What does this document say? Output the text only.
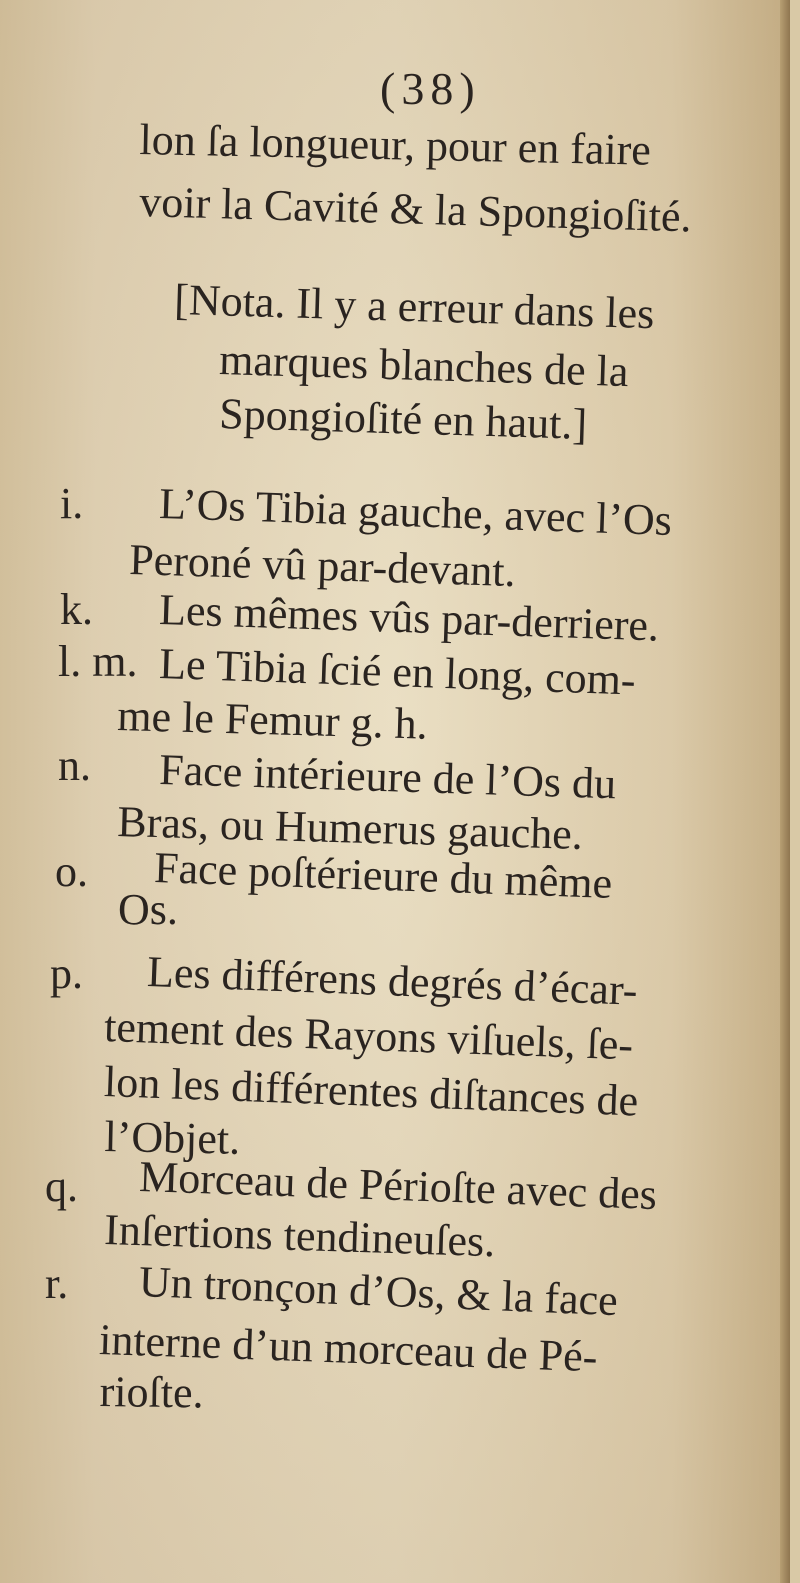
(38)
lon ſa longueur, pour en faire
voir la Cavité & la Spongioſité.
[Nota. Il y a erreur dans les
marques blanches de la
Spongioſité en haut.]
i. L’Os Tibia gauche, avec l’Os
Peroné vû par-devant.
k. Les mêmes vûs par-derriere.
l. m. Le Tibia ſcié en long, com-
me le Femur g. h.
n. Face intérieure de l’Os du
Bras, ou Humerus gauche.
o. Face poſtérieure du même
Os.
p. Les différens degrés d’écar-
tement des Rayons viſuels, ſe-
lon les différentes diſtances de
l’Objet.
q. Morceau de Périoſte avec des
Inſertions tendineuſes.
r. Un tronçon d’Os, & la face
interne d’un morceau de Pé-
rioſte.
